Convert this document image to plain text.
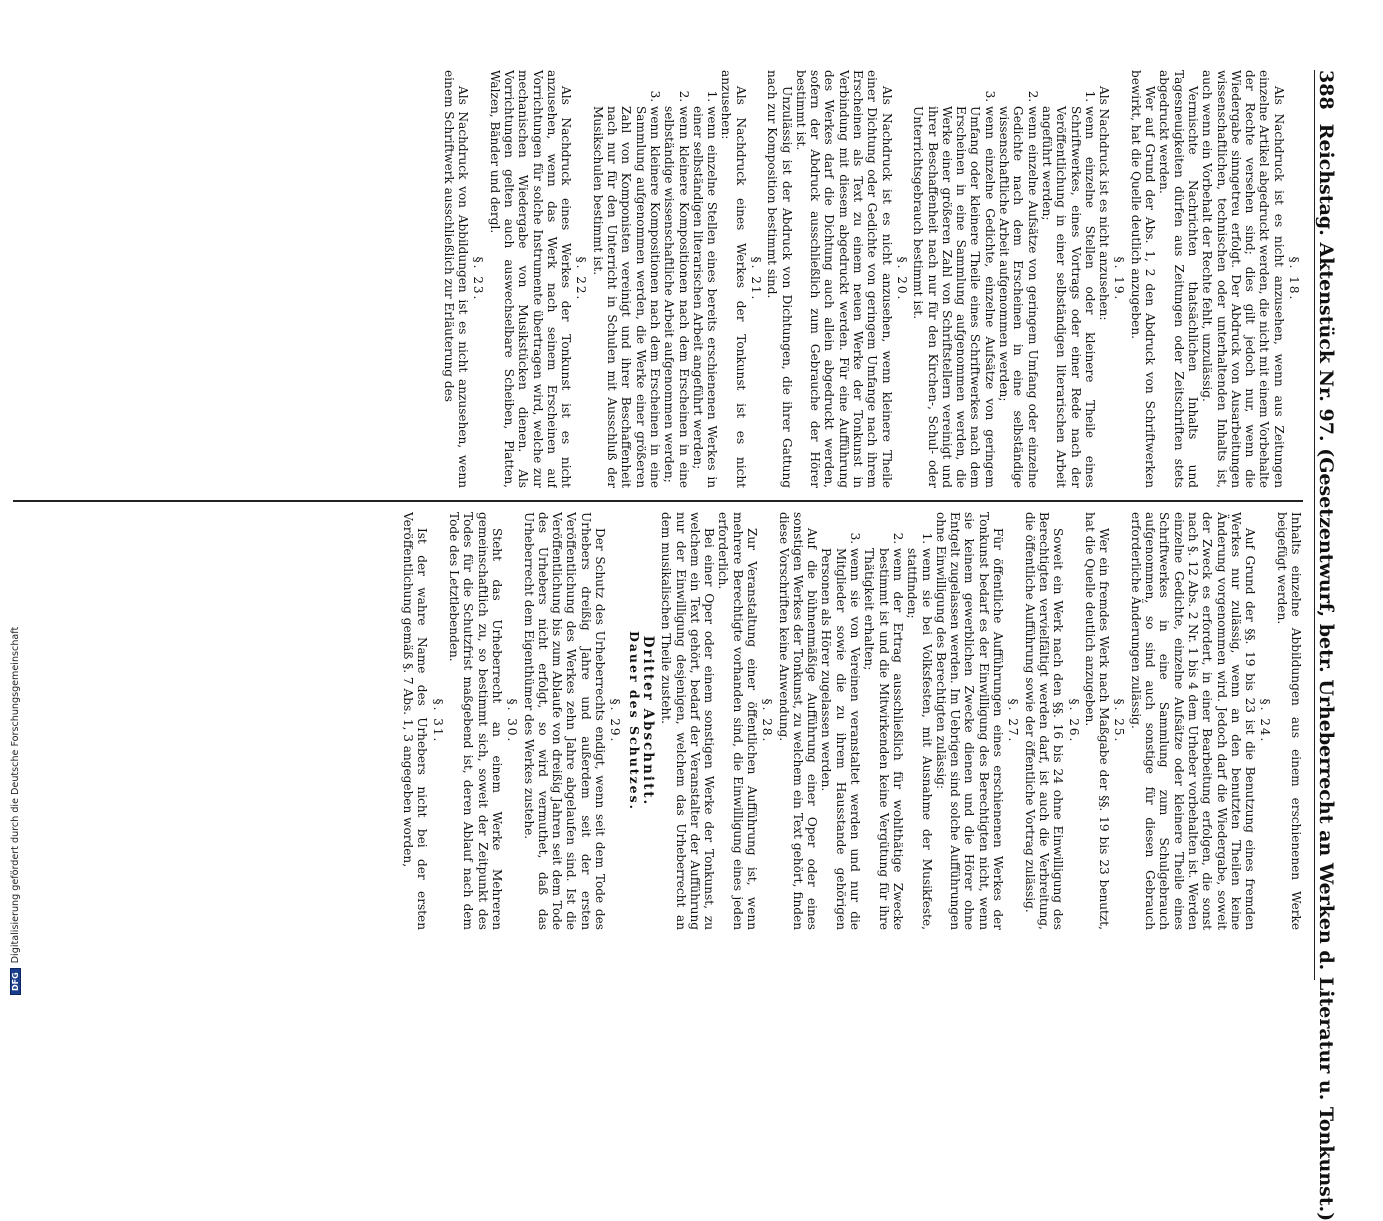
388
Reichstag. Aktenstück Nr. 97. (Gesetzentwurf, betr. Urheberrecht an Werken d. Literatur u. Tonkunst.)
§. 18.

Als Nachdruck ist es nicht anzusehen, wenn aus Zeitungen einzelne Artikel abgedruckt werden, die nicht mit einem Vorbehalte der Rechte versehen sind; dies gilt jedoch nur, wenn die Wiedergabe sinngetreu erfolgt. Der Abdruck von Ausarbeitungen wissenschaftlichen, technischen oder unterhaltenden Inhalts ist, auch wenn ein Vorbehalt der Rechte fehlt, unzulässig.

Vermischte Nachrichten thatsächlichen Inhalts und Tagesneuigkeiten dürfen aus Zeitungen oder Zeitschriften stets abgedruckt werden.

Wer auf Grund der Abs. 1, 2 den Abdruck von Schriftwerken bewirkt, hat die Quelle deutlich anzugeben.

§. 19.

Als Nachdruck ist es nicht anzusehen:

1. wenn einzelne Stellen oder kleinere Theile eines Schriftwerkes, eines Vortrags oder einer Rede nach der Veröffentlichung in einer selbständigen literarischen Arbeit angeführt werden;
2. wenn einzelne Aufsätze von geringem Umfang oder einzelne Gedichte nach dem Erscheinen in eine selbständige wissenschaftliche Arbeit aufgenommen werden;
3. wenn einzelne Gedichte, einzelne Aufsätze von geringem Umfang oder kleinere Theile eines Schriftwerkes nach dem Erscheinen in eine Sammlung aufgenommen werden, die Werke einer größeren Zahl von Schriftstellern vereinigt und ihrer Beschaffenheit nach nur für den Kirchen-, Schul- oder Unterrichtsgebrauch bestimmt ist.
§. 20.

Als Nachdruck ist es nicht anzusehen, wenn kleinere Theile einer Dichtung oder Gedichte von geringem Umfange nach ihrem Erscheinen als Text zu einem neuen Werke der Tonkunst in Verbindung mit diesem abgedruckt werden. Für eine Aufführung des Werkes darf die Dichtung auch allein abgedruckt werden, sofern der Abdruck ausschließlich zum Gebrauche der Hörer bestimmt ist.

Unzulässig ist der Abdruck von Dichtungen, die ihrer Gattung nach zur Komposition bestimmt sind.

§. 21.

Als Nachdruck eines Werkes der Tonkunst ist es nicht anzusehen:

1. wenn einzelne Stellen eines bereits erschienenen Werkes in einer selbständigen literarischen Arbeit angeführt werden;
2. wenn kleinere Kompositionen nach dem Erscheinen in eine selbständige wissenschaftliche Arbeit aufgenommen werden;
3. wenn kleinere Kompositionen nach dem Erscheinen in eine Sammlung aufgenommen werden, die Werke einer größeren Zahl von Komponisten vereinigt und ihrer Beschaffenheit nach nur für den Unterricht in Schulen mit Ausschluß der Musikschulen bestimmt ist.
§. 22.

Als Nachdruck eines Werkes der Tonkunst ist es nicht anzusehen, wenn das Werk nach seinem Erscheinen auf Vorrichtungen für solche Instrumente übertragen wird, welche zur mechanischen Wiedergabe von Musikstücken dienen. Als Vorrichtungen gelten auch auswechselbare Scheiben, Platten, Walzen, Bänder und dergl.

§. 23.

Als Nachdruck von Abbildungen ist es nicht anzusehen, wenn einem Schriftwerk ausschließlich zur Erläuterung des

Inhalts einzelne Abbildungen aus einem erschienenen Werke beigefügt werden.

§. 24.

Auf Grund der §§. 19 bis 23 ist die Benutzung eines fremden Werkes nur zulässig, wenn an den benutzten Theilen keine Änderung vorgenommen wird. Jedoch darf die Wiedergabe, soweit der Zweck es erfordert, in einer Bearbeitung erfolgen, die sonst nach §. 12 Abs. 2 Nr. 1 bis 4 dem Urheber vorbehalten ist. Werden einzelne Gedichte, einzelne Aufsätze oder kleinere Theile eines Schriftwerkes in eine Sammlung zum Schulgebrauch aufgenommen, so sind auch sonstige für diesen Gebrauch erforderliche Änderungen zulässig.

§. 25.

Wer ein fremdes Werk nach Maßgabe der §§. 19 bis 23 benutzt, hat die Quelle deutlich anzugeben.

§. 26.

Soweit ein Werk nach den §§. 16 bis 24 ohne Einwilligung des Berechtigten vervielfältigt werden darf, ist auch die Verbreitung, die öffentliche Aufführung sowie der öffentliche Vortrag zulässig.

§. 27.

Für öffentliche Aufführungen eines erschienenen Werkes der Tonkunst bedarf es der Einwilligung des Berechtigten nicht, wenn sie keinem gewerblichen Zwecke dienen und die Hörer ohne Entgelt zugelassen werden. Im Uebrigen sind solche Aufführungen ohne Einwilligung des Berechtigten zulässig:

1. wenn sie bei Volksfesten, mit Ausnahme der Musikfeste, stattfinden;
2. wenn der Ertrag ausschließlich für wohlthätige Zwecke bestimmt ist und die Mitwirkenden keine Vergütung für ihre Thätigkeit erhalten;
3. wenn sie von Vereinen veranstaltet werden und nur die Mitglieder sowie die zu ihrem Hausstande gehörigen Personen als Hörer zugelassen werden.

Auf die bühnenmäßige Aufführung einer Oper oder eines sonstigen Werkes der Tonkunst, zu welchem ein Text gehört, finden diese Vorschriften keine Anwendung.

§. 28.

Zur Veranstaltung einer öffentlichen Aufführung ist, wenn mehrere Berechtigte vorhanden sind, die Einwilligung eines jeden erforderlich.

Bei einer Oper oder einem sonstigen Werke der Tonkunst, zu welchem ein Text gehört, bedarf der Veranstalter der Aufführung nur der Einwilligung desjenigen, welchem das Urheberrecht an dem musikalischen Theile zusteht.

Dritter Abschnitt.
Dauer des Schutzes.
§. 29.

Der Schutz des Urheberrechts endigt, wenn seit dem Tode des Urhebers dreißig Jahre und außerdem seit der ersten Veröffentlichung des Werkes zehn Jahre abgelaufen sind. Ist die Veröffentlichung bis zum Ablaufe von dreißig Jahren seit dem Tode des Urhebers nicht erfolgt, so wird vermuthet, daß das Urheberrecht dem Eigenthümer des Werkes zustehe.

§. 30.

Steht das Urheberrecht an einem Werke Mehreren gemeinschaftlich zu, so bestimmt sich, soweit der Zeitpunkt des Todes für die Schutzfrist maßgebend ist, deren Ablauf nach dem Tode des Letztlebenden.

§. 31.

Ist der wahre Name des Urhebers nicht bei der ersten Veröffentlichung gemäß §. 7 Abs. 1, 3 angegeben worden,

DFG
Digitalisierung gefördert durch die Deutsche Forschungsgemeinschaft
